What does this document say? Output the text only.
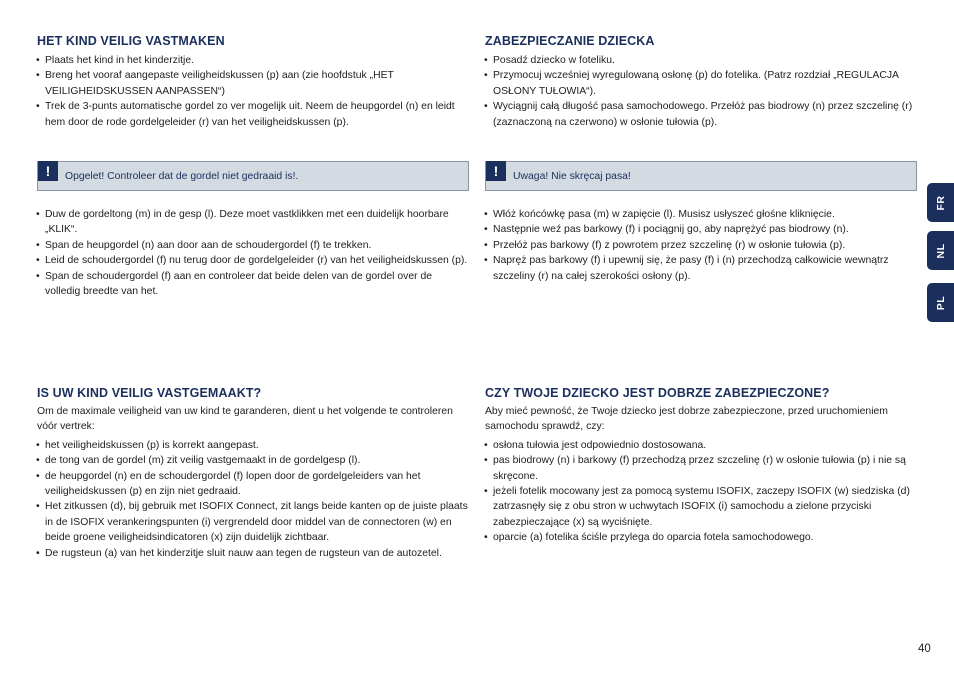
HET KIND VEILIG VASTMAKEN
• Plaats het kind in het kinderzitje.
• Breng het vooraf aangepaste veiligheidskussen (p) aan (zie hoofdstuk „HET VEILIGHEIDSKUSSEN AANPASSEN“)
• Trek de 3-punts automatische gordel zo ver mogelijk uit. Neem de heupgordel (n) en leidt hem door de rode gordelgeleider (r) van het veiligheidskussen (p).
!	Opgelet! Controleer dat de gordel niet gedraaid is!.
• Duw de gordeltong (m) in de gesp (l). Deze moet vastklikken met een duidelijk hoorbare „KLIK“.
• Span de heupgordel (n) aan door aan de schoudergordel (f) te trekken.
• Leid de schoudergordel (f) nu terug door de gordelgeleider (r) van het veiligheidskussen (p).
• Span de schoudergordel (f) aan en controleer dat beide delen van de gordel over de volledig breedte van het.
IS UW KIND VEILIG VASTGEMAAKT?

Om de maximale veiligheid van uw kind te garanderen, dient u het volgende te controleren vóór vertrek:

• het veiligheidskussen (p) is korrekt aangepast.
• de tong van de gordel (m) zit veilig vastgemaakt in de gordelgesp (l).
• de heupgordel (n) en de schoudergordel (f) lopen door de gordelgeleiders van het veiligheidskussen (p) en zijn niet gedraaid.
• Het zitkussen (d), bij gebruik met ISOFIX Connect, zit langs beide kanten op de juiste plaats in de ISOFIX verankeringspunten (i) vergrendeld door middel van de connectoren (w) en beide groene veiligheidsindicatoren (x) zijn duidelijk zichtbaar.
• De rugsteun (a) van het kinderzitje sluit nauw aan tegen de rugsteun van de autozetel.
ZABEZPIECZANIE DZIECKA
• Posadź dziecko w foteliku.
• Przymocuj wcześniej wyregulowaną osłonę (p) do fotelika. (Patrz rozdział „REGULACJA OSŁONY TUŁOWIA“).
• Wyciągnij całą długość pasa samochodowego. Przełóż pas biodrowy (n) przez szczelinę (r) (zaznaczoną na czerwono) w osłonie tułowia (p).
!	Uwaga! Nie skręcaj pasa!
• Włóż końcówkę pasa (m) w zapięcie (l). Musisz usłyszeć głośne kliknięcie.
• Następnie weź pas barkowy (f) i pociągnij go, aby naprężyć pas biodrowy (n).
• Przełóż pas barkowy (f) z powrotem przez szczelinę (r) w osłonie tułowia (p).
• Napręż pas barkowy (f) i upewnij się, że pasy (f) i (n) przechodzą całkowicie wewnątrz szczeliny (r) na całej szerokości osłony (p).
CZY TWOJE DZIECKO JEST DOBRZE ZABEZPIECZONE?

Aby mieć pewność, że Twoje dziecko jest dobrze zabezpieczone, przed uruchomieniem samochodu sprawdź, czy:

• osłona tułowia jest odpowiednio dostosowana.
• pas biodrowy (n) i barkowy (f) przechodzą przez szczelinę (r) w osłonie tułowia (p) i nie są skręcone.
• jeżeli fotelik mocowany jest za pomocą systemu ISOFIX, zaczepy ISOFIX (w) siedziska (d) zatrzasnęły się z obu stron w uchwytach ISOFIX (i) samochodu a zielone przyciski zabezpieczające (x) są wyciśnięte.
• oparcie (a) fotelika ściśle przylega do oparcia fotela samochodowego.
FR
NL
PL
40
